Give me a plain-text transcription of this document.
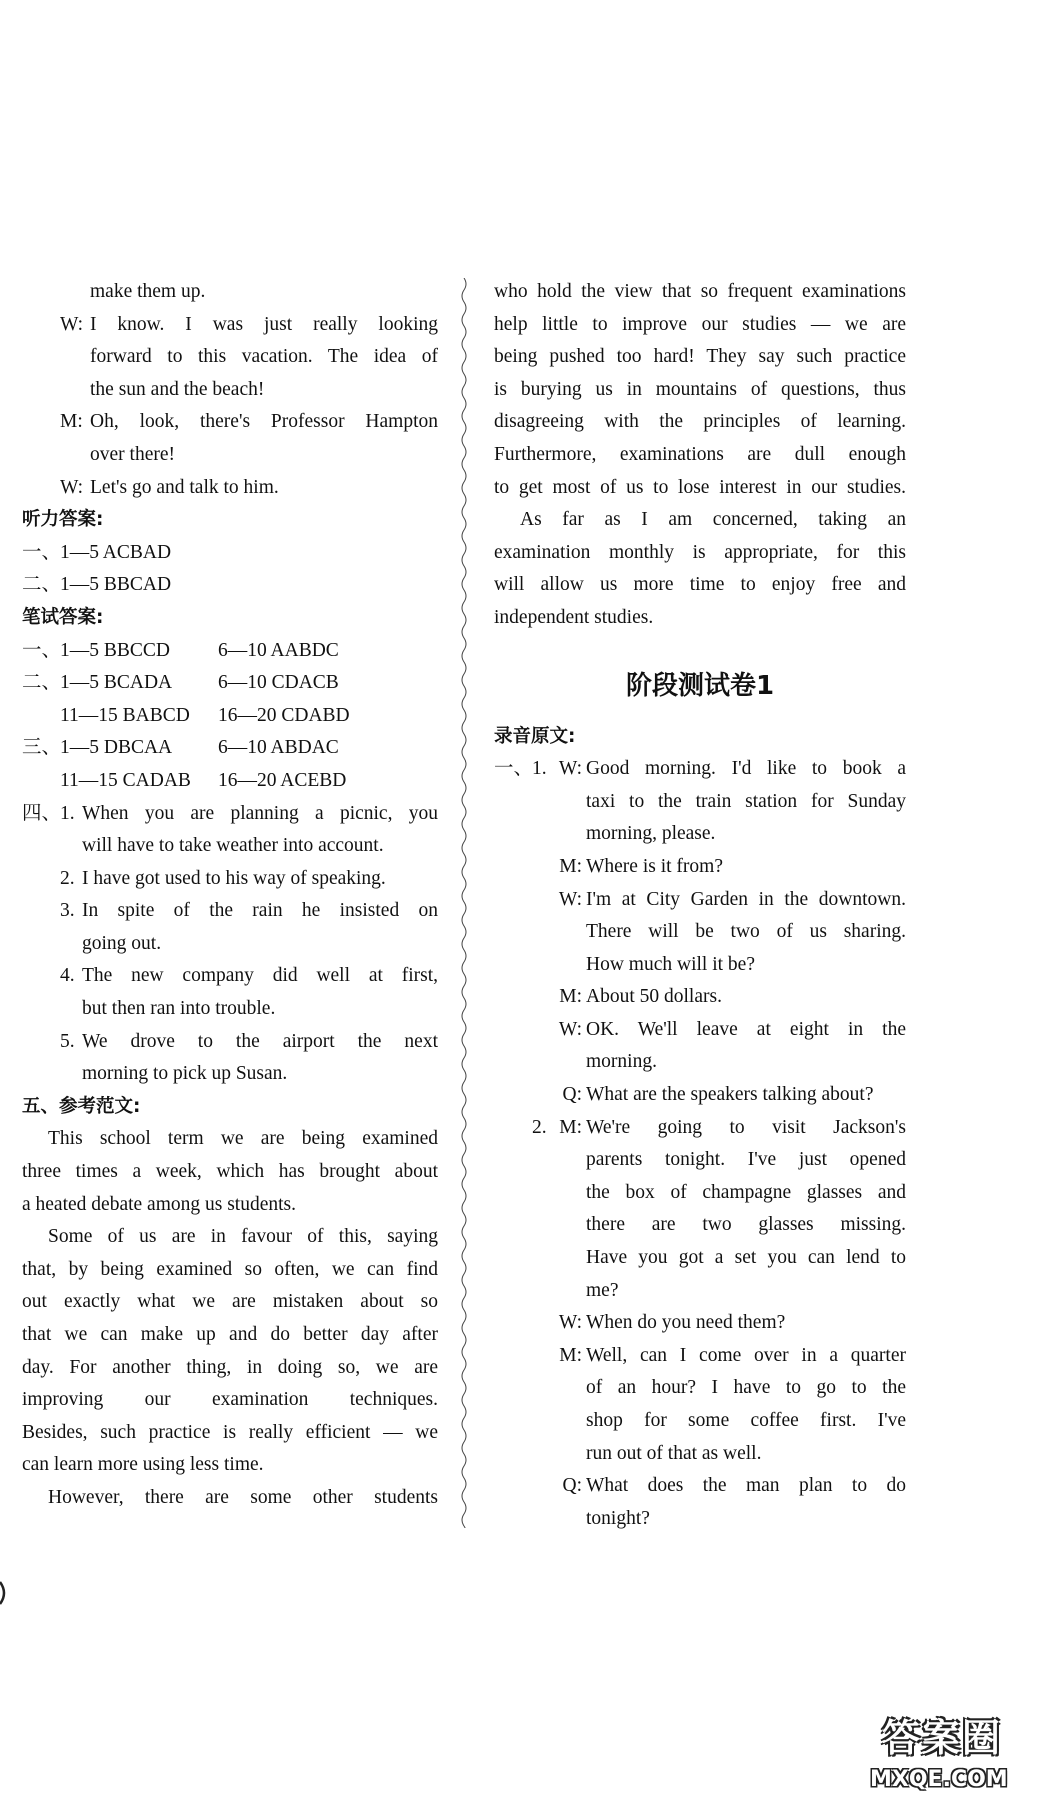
make them up.
W: I know. I was just really looking
forward to this vacation. The idea of
the sun and the beach!
M: Oh, look, there's Professor Hampton
over there!
W: Let's go and talk to him.
听力答案:
一、
1—5 ACBAD
二、
1—5 BBCAD
笔试答案:
一、
1—5 BBCCD	6—10 AABDC
二、
1—5 BCADA	6—10 CDACB
11—15 BABCD	16—20 CDABD
三、
1—5 DBCAA	6—10 ABDAC
11—15 CADAB	16—20 ACEBD
四、
1. When you are planning a picnic, you
will have to take weather into account.
2. I have got used to his way of speaking.
3. In spite of the rain he insisted on
going out.
4. The new company did well at first,
but then ran into trouble.
5. We drove to the airport the next
morning to pick up Susan.
五、参考范文:
This school term we are being examined
three times a week, which has brought about
a heated debate among us students.
Some of us are in favour of this, saying
that, by being examined so often, we can find
out exactly what we are mistaken about so
that we can make up and do better day after
day. For another thing, in doing so, we are
improving our examination techniques.
Besides, such practice is really efficient — we
can learn more using less time.
However, there are some other students
who hold the view that so frequent examinations
help little to improve our studies — we are
being pushed too hard! They say such practice
is burying us in mountains of questions, thus
disagreeing with the principles of learning.
Furthermore, examinations are dull enough
to get most of us to lose interest in our studies.
As far as I am concerned, taking an
examination monthly is appropriate, for this
will allow us more time to enjoy free and
independent studies.
阶段测试卷1
录音原文:
一、
1. W: Good morning. I'd like to book a
taxi to the train station for Sunday
morning, please.
M: Where is it from?
W: I'm at City Garden in the downtown.
There will be two of us sharing.
How much will it be?
M: About 50 dollars.
W: OK. We'll leave at eight in the
morning.
Q: What are the speakers talking about?
2. M: We're going to visit Jackson's
parents tonight. I've just opened
the box of champagne glasses and
there are two glasses missing.
Have you got a set you can lend to
me?
W: When do you need them?
M: Well, can I come over in a quarter
of an hour? I have to go to the
shop for some coffee first. I've
run out of that as well.
Q: What does the man plan to do
tonight?
答案圈
MXQE.COM
